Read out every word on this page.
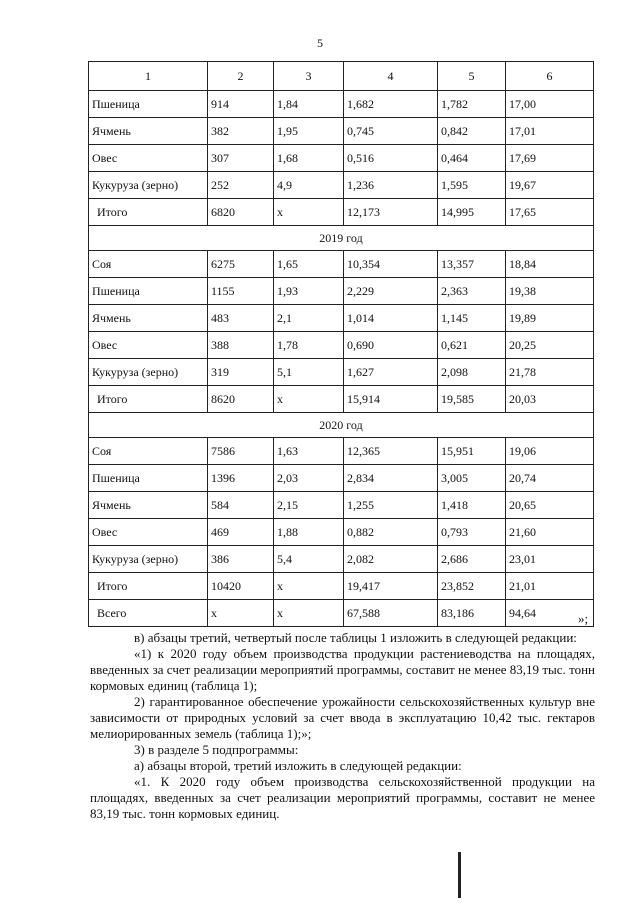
5
1	2	3	4	5	6
Пшеница	914	1,84	1,682	1,782	17,00
Ячмень	382	1,95	0,745	0,842	17,01
Овес	307	1,68	0,516	0,464	17,69
Кукуруза (зерно)	252	4,9	1,236	1,595	19,67
Итого	6820	x	12,173	14,995	17,65
2019 год					
Соя	6275	1,65	10,354	13,357	18,84
Пшеница	1155	1,93	2,229	2,363	19,38
Ячмень	483	2,1	1,014	1,145	19,89
Овес	388	1,78	0,690	0,621	20,25
Кукуруза (зерно)	319	5,1	1,627	2,098	21,78
Итого	8620	x	15,914	19,585	20,03
2020 год					
Соя	7586	1,63	12,365	15,951	19,06
Пшеница	1396	2,03	2,834	3,005	20,74
Ячмень	584	2,15	1,255	1,418	20,65
Овес	469	1,88	0,882	0,793	21,60
Кукуруза (зерно)	386	5,4	2,082	2,686	23,01
Итого	10420	x	19,417	23,852	21,01
Всего	x	x	67,588	83,186	94,64	»;

в) абзацы третий, четвертый после таблицы 1 изложить в следующей редакции:

«1) к 2020 году объем производства продукции растениеводства на площадях, введенных за счет реализации мероприятий программы, составит не менее 83,19 тыс. тонн кормовых единиц (таблица 1);

2) гарантированное обеспечение урожайности сельскохозяйственных культур вне зависимости от природных условий за счет ввода в эксплуатацию 10,42 тыс. гектаров мелиорированных земель (таблица 1);»;

3) в разделе 5 подпрограммы:

а) абзацы второй, третий изложить в следующей редакции:

«1. К 2020 году объем производства сельскохозяйственной продукции на площадях, введенных за счет реализации мероприятий программы, составит не менее 83,19 тыс. тонн кормовых единиц.
